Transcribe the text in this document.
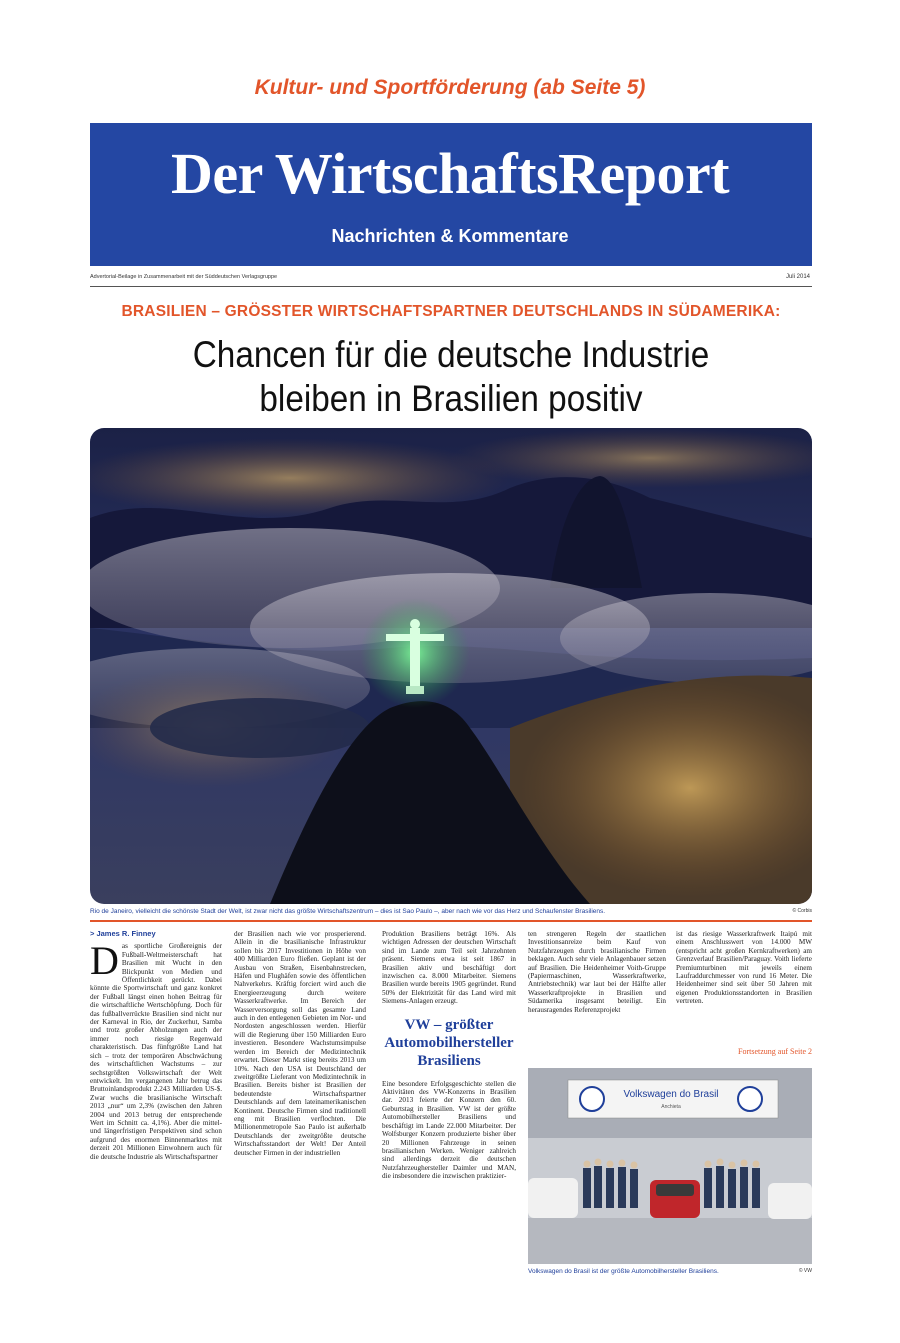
Kultur- und Sportförderung (ab Seite 5)
Der WirtschaftsReport
Nachrichten & Kommentare
Advertorial-Beilage in Zusammenarbeit mit der Süddeutschen Verlagsgruppe	Juli 2014
BRASILIEN – GRÖSSTER WIRTSCHAFTSPARTNER DEUTSCHLANDS IN SÜDAMERIKA:
Chancen für die deutsche Industrie
bleiben in Brasilien positiv
Rio de Janeiro, vielleicht die schönste Stadt der Welt, ist zwar nicht das größte Wirtschaftszentrum – dies ist Sao Paulo –, aber nach wie vor das Herz und Schaufenster Brasiliens.	© Corbis
> James R. Finney
D as sportliche Großereignis der Fußball-Weltmeisterschaft hat Brasilien mit Wucht in den Blickpunkt von Medien und Öffentlichkeit gerückt. Dabei könnte die Sportwirtschaft und ganz konkret der Fußball längst einen hohen Beitrag für die wirtschaftliche Wertschöpfung. Doch für das fußballverrückte Brasilien sind nicht nur der Karneval in Rio, der Zuckerhut, Samba und trotz großer Abholzungen auch der immer noch riesige Regenwald charakteristisch. Das fünftgrößte Land hat sich – trotz der temporären Abschwächung des wirtschaftlichen Wachstums – zur sechstgrößten Volkswirtschaft der Welt entwickelt. Im vergangenen Jahr betrug das Bruttoinlandsprodukt 2.243 Milliarden US-$. Zwar wuchs die brasilianische Wirtschaft 2013 „nur“ um 2,3% (zwischen den Jahren 2004 und 2013 betrug der entsprechende Wert im Schnitt ca. 4,1%). Aber die mittel- und längerfristigen Perspektiven sind schon aufgrund des enormen Binnenmarktes mit derzeit 201 Millionen Einwohnern auch für die deutsche Industrie als Wirtschaftspartner

der Brasilien nach wie vor prosperierend. Allein in die brasilianische Infrastruktur sollen bis 2017 Investitionen in Höhe von 400 Milliarden Euro fließen. Geplant ist der Ausbau von Straßen, Eisenbahnstrecken, Häfen und Flughäfen sowie des öffentlichen Nahverkehrs. Kräftig forciert wird auch die Energieerzeugung durch weitere Wasserkraftwerke. Im Bereich der Wasserversorgung soll das gesamte Land auch in den entlegenen Gebieten im Nor- und Nordosten angeschlossen werden. Hierfür will die Regierung über 150 Milliarden Euro investieren. Besondere Wachstumsimpulse werden im Bereich der Medizintechnik erwartet. Dieser Markt stieg bereits 2013 um 10%. Nach den USA ist Deutschland der zweitgrößte Lieferant von Medizintechnik in Brasilien. Bereits bisher ist Brasilien der bedeutendste Wirtschaftspartner Deutschlands auf dem lateinamerikanischen Kontinent. Deutsche Firmen sind traditionell eng mit Brasilien verflochten. Die Millionenmetropole Sao Paulo ist außerhalb Deutschlands der zweitgrößte deutsche Wirtschaftsstandort der Welt! Der Anteil deutscher Firmen in der industriellen

Produktion Brasiliens beträgt 16%. Als wichtigen Adressen der deutschen Wirtschaft sind im Lande zum Teil seit Jahrzehnten präsent. Siemens etwa ist seit 1867 in Brasilien aktiv und beschäftigt dort inzwischen ca. 8.000 Mitarbeiter. Siemens Brasilien wurde bereits 1905 gegründet. Rund 50% der Elektrizität für das Land wird mit Siemens-Anlagen erzeugt.

VW – größter Automobilhersteller Brasiliens

Eine besondere Erfolgsgeschichte stellen die Aktivitäten des VW-Konzerns in Brasilien dar. 2013 feierte der Konzern den 60. Geburtstag in Brasilien. VW ist der größte Automobilhersteller Brasiliens und beschäftigt im Lande 22.000 Mitarbeiter. Der Wolfsburger Konzern produzierte bisher über 20 Millionen Fahrzeuge in seinen brasilianischen Werken. Weniger zahlreich sind allerdings derzeit die deutschen Nutzfahrzeughersteller Daimler und MAN, die insbesondere die inzwischen praktizier-

ten strengeren Regeln der staatlichen Investitionsanreize beim Kauf von Nutzfahrzeugen durch brasilianische Firmen beklagen. Auch sehr viele Anlagenbauer setzen auf Brasilien. Die Heidenheimer Voith-Gruppe (Papiermaschinen, Wasserkraftwerke, Antriebstechnik) war laut bei der Hälfte aller Wasserkraftprojekte in Brasilien und Südamerika insgesamt beteiligt. Ein herausragendes Referenzprojekt

ist das riesige Wasserkraftwerk Itaipú mit einem Anschlusswert von 14.000 MW (entspricht acht großen Kernkraftwerken) am Grenzverlauf Brasilien/Paraguay. Voith lieferte Premiumturbinen mit jeweils einem Laufraddurchmesser von rund 16 Meter. Die Heidenheimer sind seit über 50 Jahren mit eigenen Produktionsstandorten in Brasilien vertreten.

Fortsetzung auf Seite 2
Volkswagen do Brasil
Anchieta
Volkswagen do Brasil ist der größte Automobilhersteller Brasiliens.	© VW
